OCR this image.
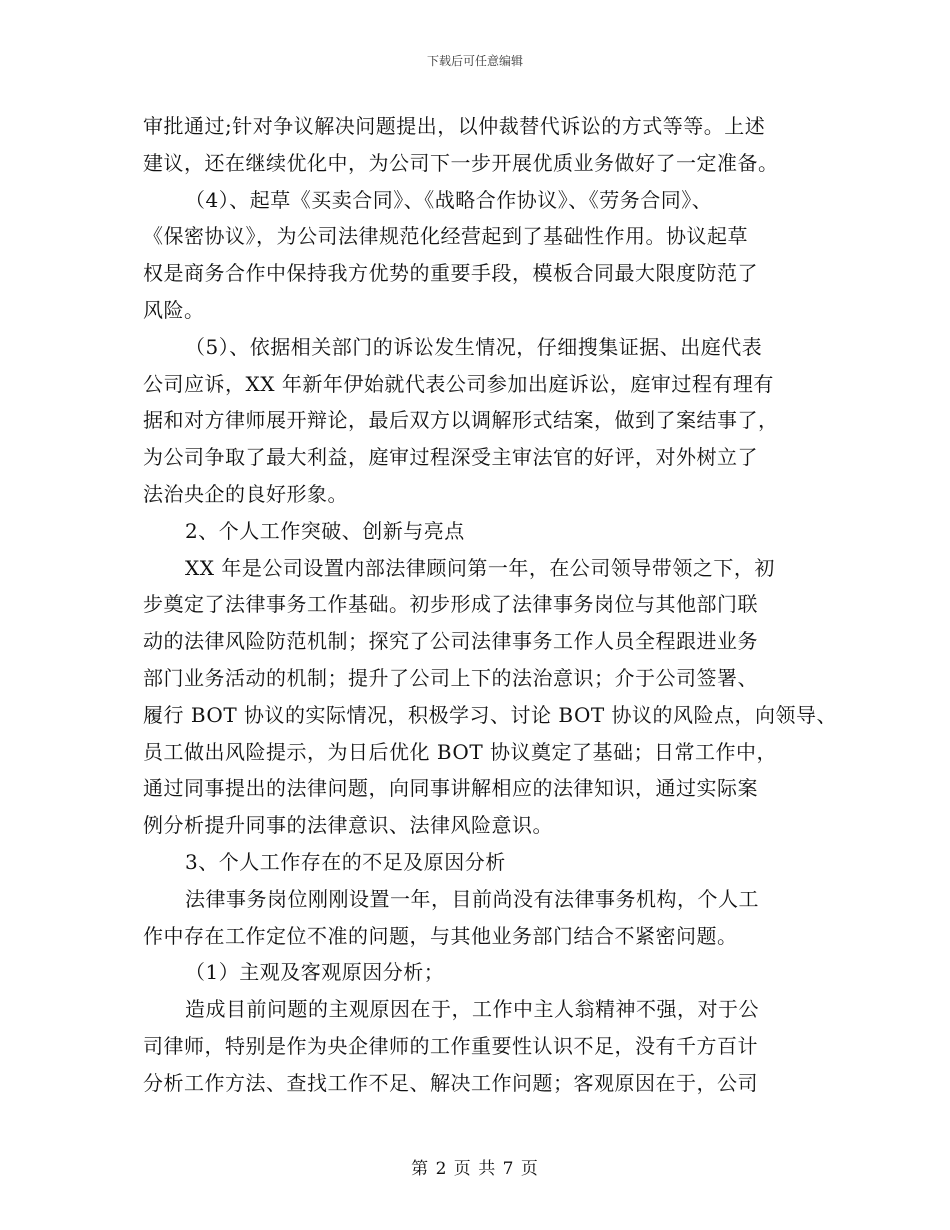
下载后可任意编辑
审批通过;针对争议解决问题提出，以仲裁替代诉讼的方式等等。上述
建议，还在继续优化中，为公司下一步开展优质业务做好了一定准备。
（4）、起草《买卖合同》、《战略合作协议》、《劳务合同》、
《保密协议》，为公司法律规范化经营起到了基础性作用。协议起草
权是商务合作中保持我方优势的重要手段，模板合同最大限度防范了
风险。
（5）、依据相关部门的诉讼发生情况，仔细搜集证据、出庭代表
公司应诉，XX 年新年伊始就代表公司参加出庭诉讼，庭审过程有理有
据和对方律师展开辩论，最后双方以调解形式结案，做到了案结事了，
为公司争取了最大利益，庭审过程深受主审法官的好评，对外树立了
法治央企的良好形象。
2、个人工作突破、创新与亮点
XX 年是公司设置内部法律顾问第一年，在公司领导带领之下，初
步奠定了法律事务工作基础。初步形成了法律事务岗位与其他部门联
动的法律风险防范机制；探究了公司法律事务工作人员全程跟进业务
部门业务活动的机制；提升了公司上下的法治意识；介于公司签署、
履行 BOT 协议的实际情况，积极学习、讨论 BOT 协议的风险点，向领导、
员工做出风险提示，为日后优化 BOT 协议奠定了基础；日常工作中，
通过同事提出的法律问题，向同事讲解相应的法律知识，通过实际案
例分析提升同事的法律意识、法律风险意识。
3、个人工作存在的不足及原因分析
法律事务岗位刚刚设置一年，目前尚没有法律事务机构，个人工
作中存在工作定位不准的问题，与其他业务部门结合不紧密问题。
（1）主观及客观原因分析；
造成目前问题的主观原因在于，工作中主人翁精神不强，对于公
司律师，特别是作为央企律师的工作重要性认识不足，没有千方百计
分析工作方法、查找工作不足、解决工作问题；客观原因在于，公司
第 2 页 共 7 页
